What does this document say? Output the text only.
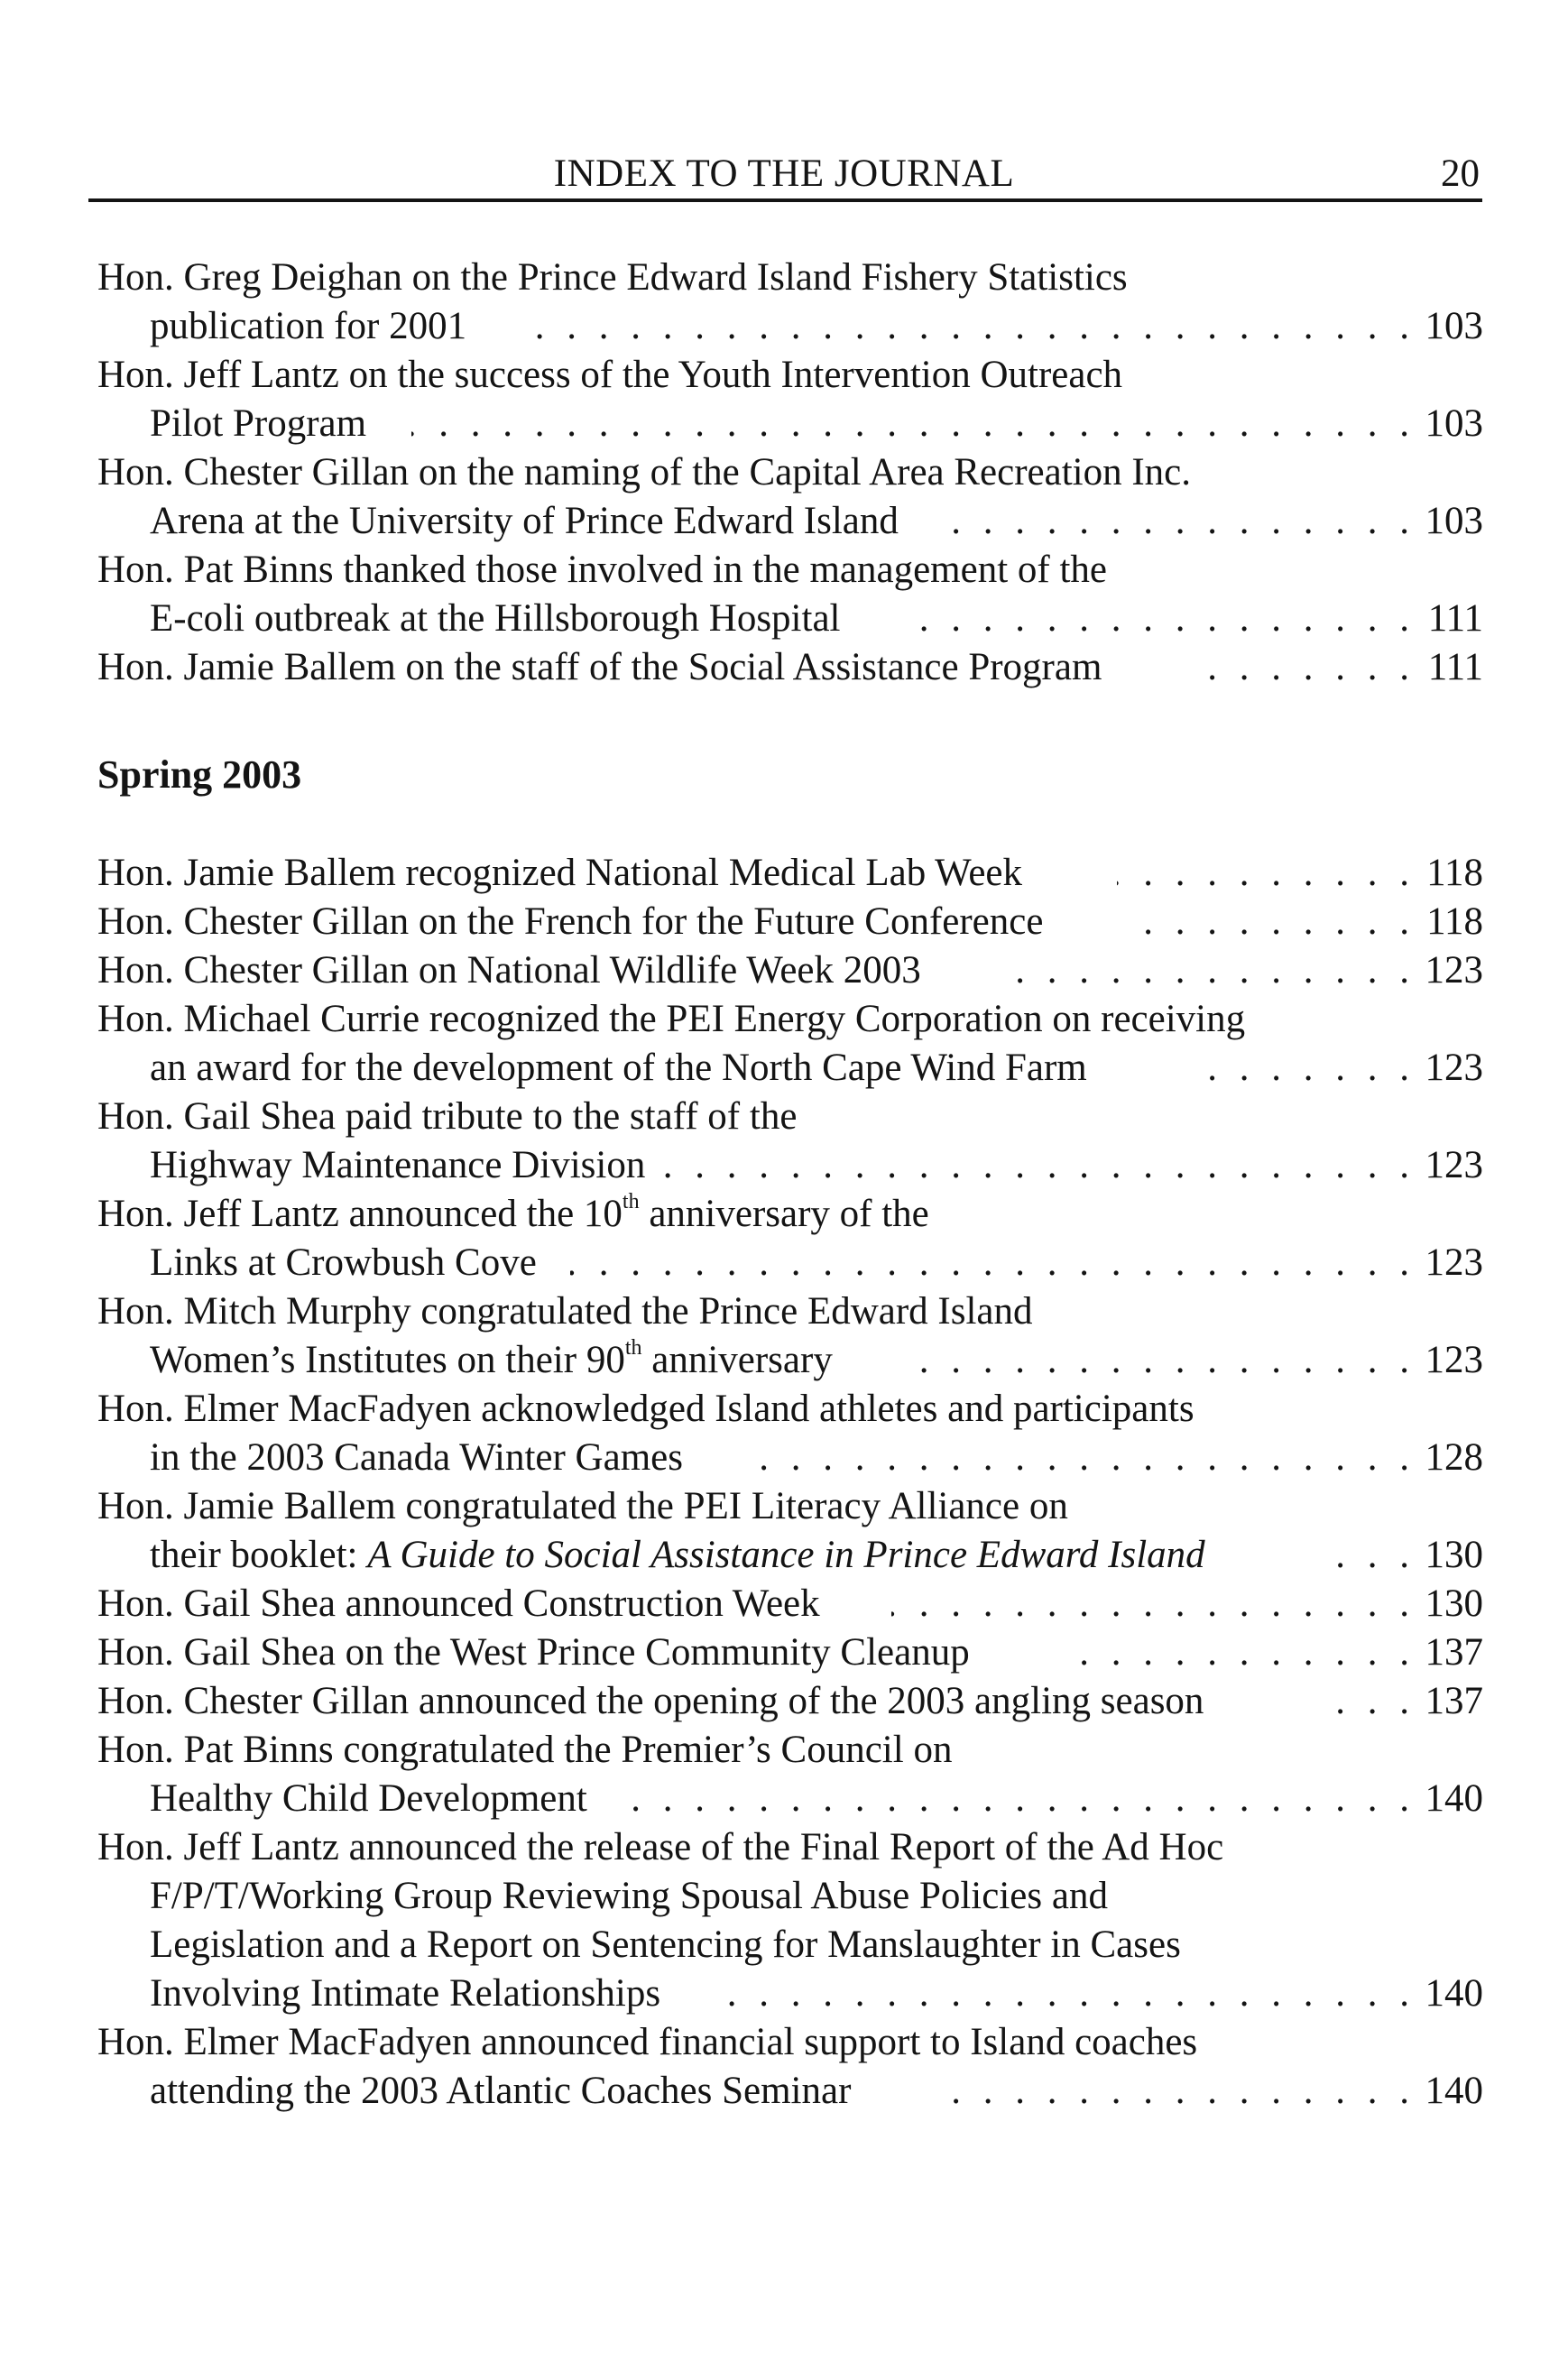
INDEX TO THE JOURNAL	20
Hon. Greg Deighan on the Prince Edward Island Fishery Statistics
publication for 2001 . . .	103
Hon. Jeff Lantz on the success of the Youth Intervention Outreach
Pilot Program . . .	103
Hon. Chester Gillan on the naming of the Capital Area Recreation Inc.
Arena at the University of Prince Edward Island . . .	103
Hon. Pat Binns thanked those involved in the management of the
E-coli outbreak at the Hillsborough Hospital . . .	111
Hon. Jamie Ballem on the staff of the Social Assistance Program . . .	111
Spring 2003
Hon. Jamie Ballem recognized National Medical Lab Week . . .	118
Hon. Chester Gillan on the French for the Future Conference . . .	118
Hon. Chester Gillan on National Wildlife Week 2003 . . .	123
Hon. Michael Currie recognized the PEI Energy Corporation on receiving
an award for the development of the North Cape Wind Farm . . .	123
Hon. Gail Shea paid tribute to the staff of the
Highway Maintenance Division . . .	123
Hon. Jeff Lantz announced the 10th anniversary of the
Links at Crowbush Cove . . .	123
Hon. Mitch Murphy congratulated the Prince Edward Island
Women’s Institutes on their 90th anniversary . . .	123
Hon. Elmer MacFadyen acknowledged Island athletes and participants
in the 2003 Canada Winter Games . . .	128
Hon. Jamie Ballem congratulated the PEI Literacy Alliance on
their booklet: A Guide to Social Assistance in Prince Edward Island . . .	130
Hon. Gail Shea announced Construction Week . . .	130
Hon. Gail Shea on the West Prince Community Cleanup . . .	137
Hon. Chester Gillan announced the opening of the 2003 angling season . . .	137
Hon. Pat Binns congratulated the Premier’s Council on
Healthy Child Development . . .	140
Hon. Jeff Lantz announced the release of the Final Report of the Ad Hoc
F/P/T/Working Group Reviewing Spousal Abuse Policies and
Legislation and a Report on Sentencing for Manslaughter in Cases
Involving Intimate Relationships . . .	140
Hon. Elmer MacFadyen announced financial support to Island coaches
attending the 2003 Atlantic Coaches Seminar . . .	140
